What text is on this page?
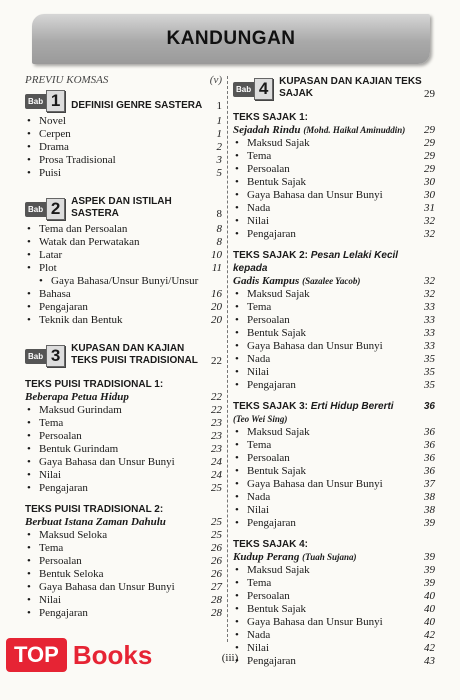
KANDUNGAN
PREVIU KOMSAS	(v)
Bab 1	DEFINISI GENRE SASTERA	1
• Novel	1
• Cerpen	1
• Drama	2
• Prosa Tradisional	3
• Puisi	5
Bab 2	ASPEK DAN ISTILAH SASTERA	8
• Tema dan Persoalan	8
• Watak dan Perwatakan	8
• Latar	10
• Plot	11
• Gaya Bahasa/Unsur Bunyi/Unsur
• Bahasa	16
• Pengajaran	20
• Teknik dan Bentuk	20
Bab 3	KUPASAN DAN KAJIAN
TEKS PUISI TRADISIONAL	22
TEKS PUISI TRADISIONAL 1:
Beberapa Petua Hidup	22
• Maksud Gurindam	22
• Tema	23
• Persoalan	23
• Bentuk Gurindam	23
• Gaya Bahasa dan Unsur Bunyi	24
• Nilai	24
• Pengajaran	25
TEKS PUISI TRADISIONAL 2:
Berbuat Istana Zaman Dahulu	25
• Maksud Seloka	25
• Tema	26
• Persoalan	26
• Bentuk Seloka	26
• Gaya Bahasa dan Unsur Bunyi	27
• Nilai	28
• Pengajaran	28
Bab 4	KUPASAN DAN KAJIAN TEKS
SAJAK	29
TEKS SAJAK 1:
Sejadah Rindu (Mohd. Haikal Aminuddin)	29
• Maksud Sajak	29
• Tema	29
• Persoalan	29
• Bentuk Sajak	30
• Gaya Bahasa dan Unsur Bunyi	30
• Nada	31
• Nilai	32
• Pengajaran	32
TEKS SAJAK 2: Pesan Lelaki Kecil kepada
Gadis Kampus (Sazalee Yacob)	32
• Maksud Sajak	32
• Tema	33
• Persoalan	33
• Bentuk Sajak	33
• Gaya Bahasa dan Unsur Bunyi	33
• Nada	35
• Nilai	35
• Pengajaran	35
TEKS SAJAK 3: Erti Hidup Bererti	36
(Teo Wei Sing)
• Maksud Sajak	36
• Tema	36
• Persoalan	36
• Bentuk Sajak	36
• Gaya Bahasa dan Unsur Bunyi	37
• Nada	38
• Nilai	38
• Pengajaran	39
TEKS SAJAK 4:
Kudup Perang (Tuah Sujana)	39
• Maksud Sajak	39
• Tema	39
• Persoalan	40
• Bentuk Sajak	40
• Gaya Bahasa dan Unsur Bunyi	40
• Nada	42
• Nilai	42
• Pengajaran	43
(iii)
TOP Books
